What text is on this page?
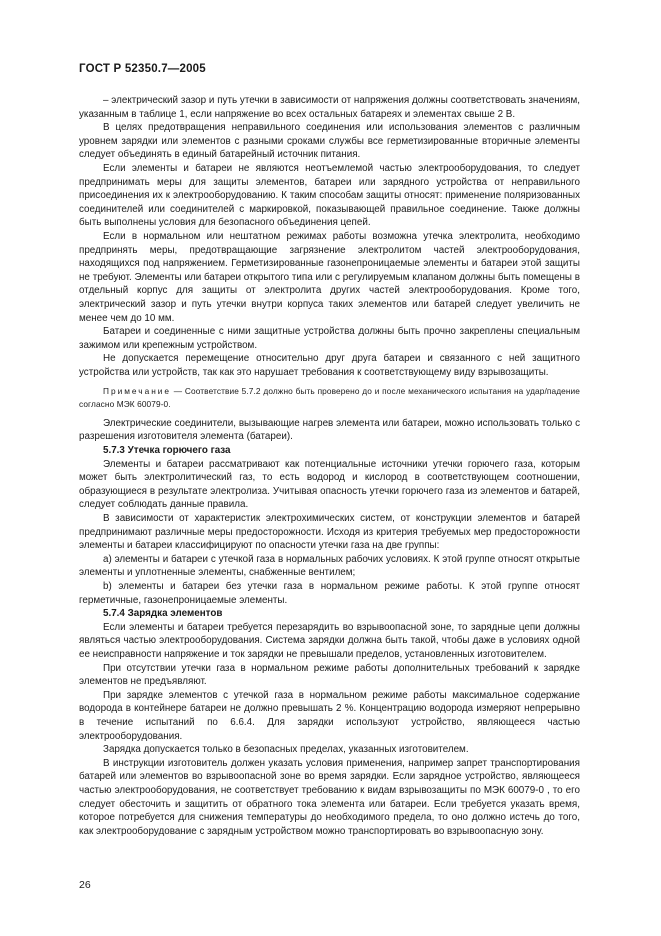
ГОСТ Р 52350.7—2005

– электрический зазор и путь утечки в зависимости от напряжения должны соответствовать значениям, указанным в таблице 1, если напряжение во всех остальных батареях и элементах свыше 2 В.

В целях предотвращения неправильного соединения или использования элементов с различным уровнем зарядки или элементов с разными сроками службы все герметизированные вторичные элементы следует объединять в единый батарейный источник питания.

Если элементы и батареи не являются неотъемлемой частью электрооборудования, то следует предпринимать меры для защиты элементов, батареи или зарядного устройства от неправильного присоединения их к электрооборудованию. К таким способам защиты относят: применение поляризованных соединителей или соединителей с маркировкой, показывающей правильное соединение. Также должны быть выполнены условия для безопасного объединения цепей.

Если в нормальном или нештатном режимах работы возможна утечка электролита, необходимо предпринять меры, предотвращающие загрязнение электролитом частей электрооборудования, находящихся под напряжением. Герметизированные газонепроницаемые элементы и батареи этой защиты не требуют. Элементы или батареи открытого типа или с регулируемым клапаном должны быть помещены в отдельный корпус для защиты от электролита других частей электрооборудования. Кроме того, электрический зазор и путь утечки внутри корпуса таких элементов или батарей следует увеличить не менее чем до 10 мм.

Батареи и соединенные с ними защитные устройства должны быть прочно закреплены специальным зажимом или крепежным устройством.

Не допускается перемещение относительно друг друга батареи и связанного с ней защитного устройства или устройств, так как это нарушает требования к соответствующему виду взрывозащиты.

Примечание — Соответствие 5.7.2 должно быть проверено до и после механического испытания на удар/падение согласно МЭК 60079-0.

Электрические соединители, вызывающие нагрев элемента или батареи, можно использовать только с разрешения изготовителя элемента (батареи).

5.7.3 Утечка горючего газа

Элементы и батареи рассматривают как потенциальные источники утечки горючего газа, которым может быть электролитический газ, то есть водород и кислород в соответствующем соотношении, образующиеся в результате электролиза. Учитывая опасность утечки горючего газа из элементов и батарей, следует соблюдать данные правила.

В зависимости от характеристик электрохимических систем, от конструкции элементов и батарей предпринимают различные меры предосторожности. Исходя из критерия требуемых мер предосторожности элементы и батареи классифицируют по опасности утечки газа на две группы:

а) элементы и батареи с утечкой газа в нормальных рабочих условиях. К этой группе относят открытые элементы и уплотненные элементы, снабженные вентилем;

b) элементы и батареи без утечки газа в нормальном режиме работы. К этой группе относят герметичные, газонепроницаемые элементы.

5.7.4 Зарядка элементов

Если элементы и батареи требуется перезарядить во взрывоопасной зоне, то зарядные цепи должны являться частью электрооборудования. Система зарядки должна быть такой, чтобы даже в условиях одной ее неисправности напряжение и ток зарядки не превышали пределов, установленных изготовителем.

При отсутствии утечки газа в нормальном режиме работы дополнительных требований к зарядке элементов не предъявляют.

При зарядке элементов с утечкой газа в нормальном режиме работы максимальное содержание водорода в контейнере батареи не должно превышать 2 %. Концентрацию водорода измеряют непрерывно в течение испытаний по 6.6.4. Для зарядки используют устройство, являющееся частью электрооборудования.

Зарядка допускается только в безопасных пределах, указанных изготовителем.

В инструкции изготовитель должен указать условия применения, например запрет транспортирования батарей или элементов во взрывоопасной зоне во время зарядки. Если зарядное устройство, являющееся частью электрооборудования, не соответствует требованию к видам взрывозащиты по МЭК 60079-0 , то его следует обесточить и защитить от обратного тока элемента или батареи. Если требуется указать время, которое потребуется для снижения температуры до необходимого предела, то оно должно истечь до того, как электрооборудование с зарядным устройством можно транспортировать во взрывоопасную зону.

26
